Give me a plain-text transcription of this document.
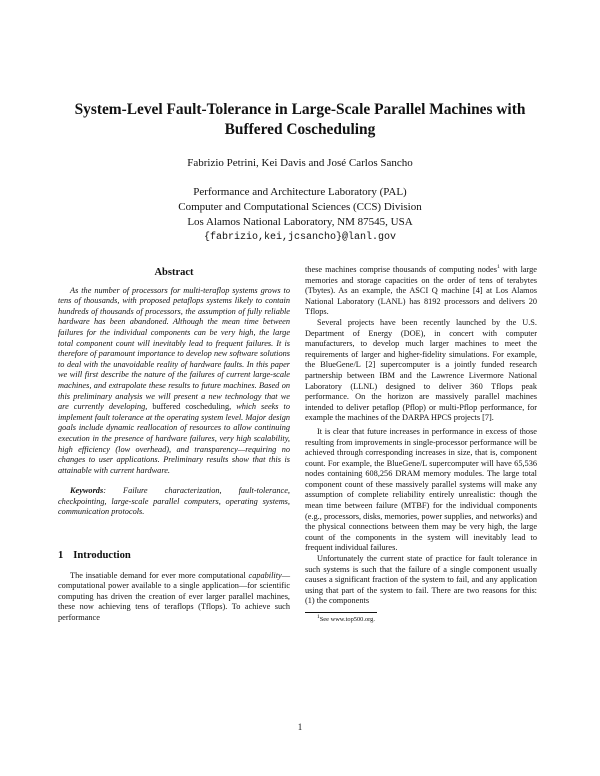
System-Level Fault-Tolerance in Large-Scale Parallel Machines with Buffered Coscheduling
Fabrizio Petrini, Kei Davis and José Carlos Sancho
Performance and Architecture Laboratory (PAL)
Computer and Computational Sciences (CCS) Division
Los Alamos National Laboratory, NM 87545, USA
{fabrizio,kei,jcsancho}@lanl.gov
Abstract

As the number of processors for multi-teraflop systems grows to tens of thousands, with proposed petaflops systems likely to contain hundreds of thousands of processors, the assumption of fully reliable hardware has been abandoned. Although the mean time between failures for the individual components can be very high, the large total component count will inevitably lead to frequent failures. It is therefore of paramount importance to develop new software solutions to deal with the unavoidable reality of hardware faults. In this paper we will first describe the nature of the failures of current large-scale machines, and extrapolate these results to future machines. Based on this preliminary analysis we will present a new technology that we are currently developing, buffered coscheduling, which seeks to implement fault tolerance at the operating system level. Major design goals include dynamic reallocation of resources to allow continuing execution in the presence of hardware failures, very high scalability, high efficiency (low overhead), and transparency—requiring no changes to user applications. Preliminary results show that this is attainable with current hardware.

Keywords: Failure characterization, fault-tolerance, checkpointing, large-scale parallel computers, operating systems, communication protocols.

1 Introduction

The insatiable demand for ever more computational capability—computational power available to a single application—for scientific computing has driven the creation of ever larger parallel machines, these now achieving tens of teraflops (Tflops). To achieve such performance

these machines comprise thousands of computing nodes$^1$ with large memories and storage capacities on the order of tens of terabytes (Tbytes). As an example, the ASCI Q machine [4] at Los Alamos National Laboratory (LANL) has 8192 processors and delivers 20 Tflops.

Several projects have been recently launched by the U.S. Department of Energy (DOE), in concert with computer manufacturers, to develop much larger machines to meet the requirements of larger and higher-fidelity simulations. For example, the BlueGene/L [2] supercomputer is a jointly funded research partnership between IBM and the Lawrence Livermore National Laboratory (LLNL) designed to deliver 360 Tflops peak performance. On the horizon are massively parallel machines intended to deliver petaflop (Pflop) or multi-Pflop performance, for example the machines of the DARPA HPCS projects [7].

It is clear that future increases in performance in excess of those resulting from improvements in single-processor performance will be achieved through corresponding increases in size, that is, component count. For example, the BlueGene/L supercomputer will have 65,536 nodes containing 608,256 DRAM memory modules. The large total component count of these massively parallel systems will make any assumption of complete reliability entirely unrealistic: though the mean time between failure (MTBF) for the individual components (e.g., processors, disks, memories, power supplies, and networks) and the physical connections between them may be very high, the large count of the components in the system will inevitably lead to frequent individual failures.

Unfortunately the current state of practice for fault tolerance in such systems is such that the failure of a single component usually causes a significant fraction of the system to fail, and any application using that part of the system to fail. There are two reasons for this: (1) the components

$^1$See www.top500.org.
1
